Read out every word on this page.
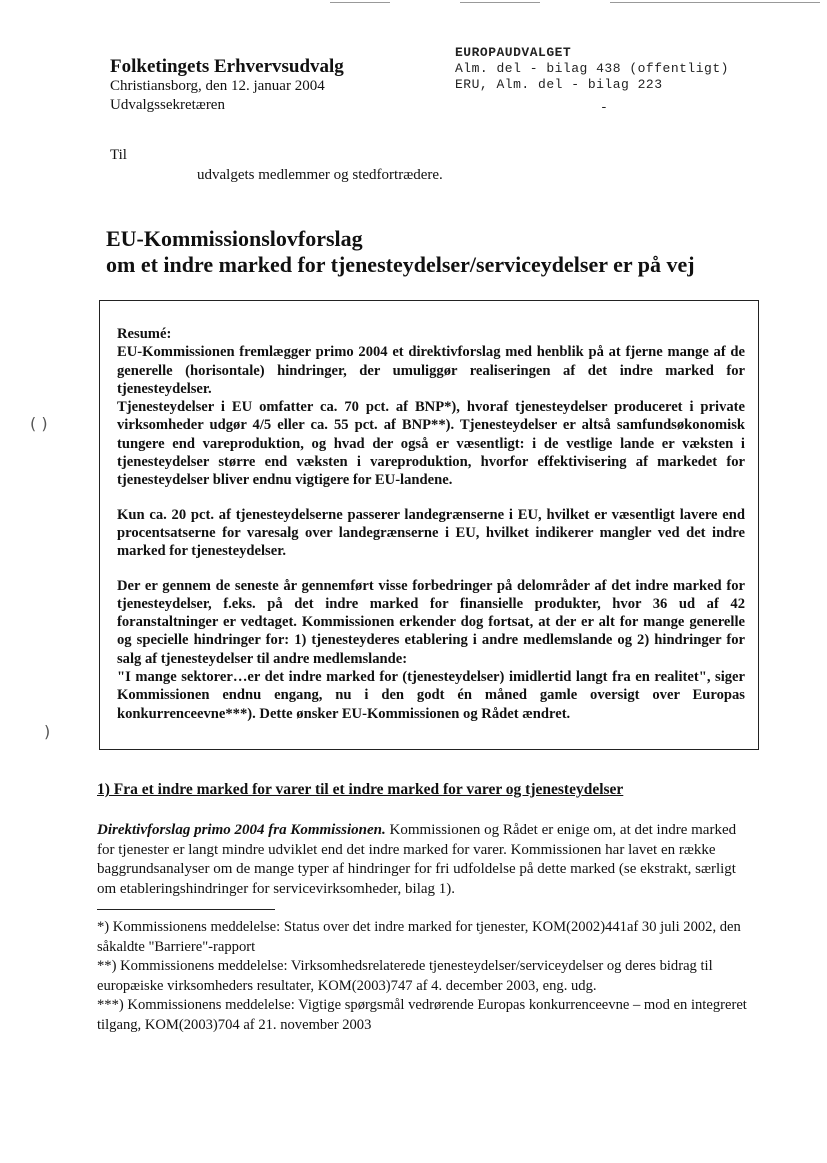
( )
)
Folketingets Erhvervsudvalg
Christiansborg, den 12. januar 2004
Udvalgssekretæren
EUROPAUDVALGET
Alm. del - bilag 438 (offentligt)
ERU, Alm. del - bilag 223
-
Til
udvalgets medlemmer og stedfortrædere.
EU-Kommissionslovforslag
om et indre marked for tjenesteydelser/serviceydelser er på vej

Resumé:
EU-Kommissionen fremlægger primo 2004 et direktivforslag med henblik på at fjerne mange af de generelle (horisontale) hindringer, der umuliggør realiseringen af det indre marked for tjenesteydelser.
Tjenesteydelser i EU omfatter ca. 70 pct. af BNP*), hvoraf tjenesteydelser produceret i private virksomheder udgør 4/5 eller ca. 55 pct. af BNP**). Tjenesteydelser er altså samfundsøkonomisk tungere end vareproduktion, og hvad der også er væsentligt: i de vestlige lande er væksten i tjenesteydelser større end væksten i vareproduktion, hvorfor effektivisering af markedet for tjenesteydelser bliver endnu vigtigere for EU-landene.

Kun ca. 20 pct. af tjenesteydelserne passerer landegrænserne i EU, hvilket er væsentligt lavere end procentsatserne for varesalg over landegrænserne i EU, hvilket indikerer mangler ved det indre marked for tjenesteydelser.

Der er gennem de seneste år gennemført visse forbedringer på delområder af det indre marked for tjenesteydelser, f.eks. på det indre marked for finansielle produkter, hvor 36 ud af 42 foranstaltninger er vedtaget. Kommissionen erkender dog fortsat, at der er alt for mange generelle og specielle hindringer for: 1) tjenesteyderes etablering i andre medlemslande og 2) hindringer for salg af tjenesteydelser til andre medlemslande:
"I mange sektorer…er det indre marked for (tjenesteydelser) imidlertid langt fra en realitet", siger Kommissionen endnu engang, nu i den godt én måned gamle oversigt over Europas konkurrenceevne***). Dette ønsker EU-Kommissionen og Rådet ændret.

1) Fra et indre marked for varer til et indre marked for varer og tjenesteydelser
Direktivforslag primo 2004 fra Kommissionen. Kommissionen og Rådet er enige om, at det indre marked for tjenester er langt mindre udviklet end det indre marked for varer. Kommissionen har lavet en række baggrundsanalyser om de mange typer af hindringer for fri udfoldelse på dette marked (se ekstrakt, særligt om etableringshindringer for servicevirksomheder, bilag 1).

*) Kommissionens meddelelse: Status over det indre marked for tjenester, KOM(2002)441af 30 juli 2002, den såkaldte "Barriere"-rapport

**) Kommissionens meddelelse: Virksomhedsrelaterede tjenesteydelser/serviceydelser og deres bidrag til europæiske virksomheders resultater, KOM(2003)747 af 4. december 2003, eng. udg.

***) Kommissionens meddelelse: Vigtige spørgsmål vedrørende Europas konkurrenceevne – mod en integreret tilgang, KOM(2003)704 af 21. november 2003
